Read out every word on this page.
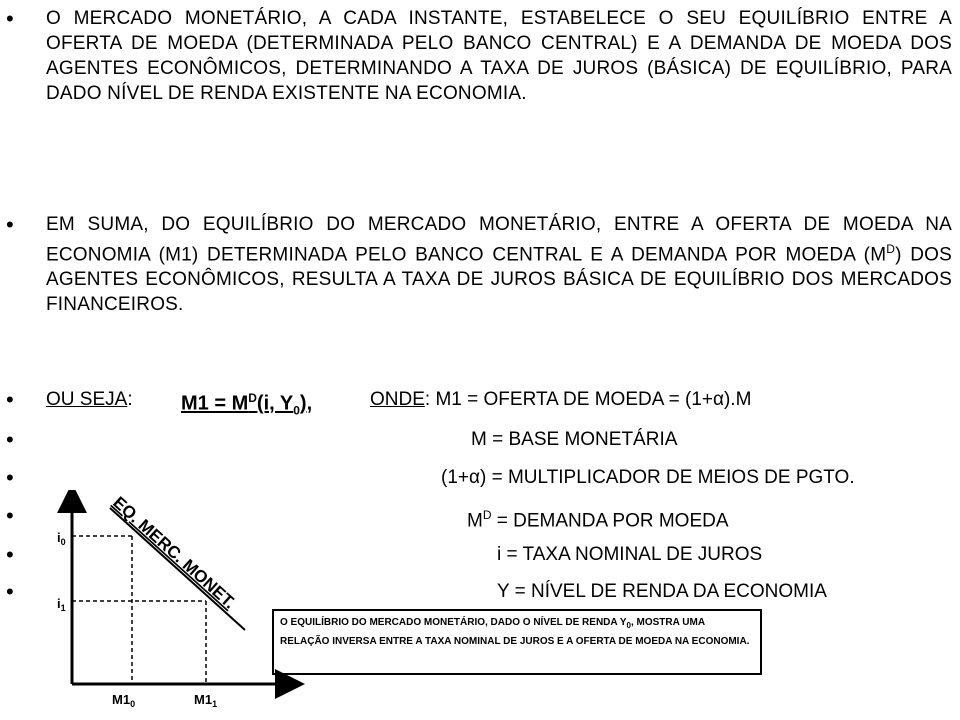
• O MERCADO MONETÁRIO, A CADA INSTANTE, ESTABELECE O SEU EQUILÍBRIO ENTRE A OFERTA DE MOEDA (DETERMINADA PELO BANCO CENTRAL) E A DEMANDA DE MOEDA DOS AGENTES ECONÔMICOS, DETERMINANDO A TAXA DE JUROS (BÁSICA) DE EQUILÍBRIO, PARA DADO NÍVEL DE RENDA EXISTENTE NA ECONOMIA.
• EM SUMA, DO EQUILÍBRIO DO MERCADO MONETÁRIO, ENTRE A OFERTA DE MOEDA NA ECONOMIA (M1) DETERMINADA PELO BANCO CENTRAL E A DEMANDA POR MOEDA $(M^D)$ DOS AGENTES ECONÔMICOS, RESULTA A TAXA DE JUROS BÁSICA DE EQUILÍBRIO DOS MERCADOS FINANCEIROS.
• OU SEJA: $M1 = M^D(i$, $Y_0$),	ONDE: M1 = OFERTA DE MOEDA = (1+α).M
•	M = BASE MONETÁRIA
•	(1+α) = MULTIPLICADOR DE MEIOS DE PGTO.
•	$M^D$ = DEMANDA POR MOEDA
•	i = TAXA NOMINAL DE JUROS
•	Y = NÍVEL DE RENDA DA ECONOMIA
EQ. MERC. MONET.
$i_0$
$i_1$
$M1_0$	$M1_1$
O EQUILÍBRIO DO MERCADO MONETÁRIO, DADO O NÍVEL DE RENDA $Y_0$, MOSTRA UMA RELAÇÃO INVERSA ENTRE A TAXA NOMINAL DE JUROS E A OFERTA DE MOEDA NA ECONOMIA.
